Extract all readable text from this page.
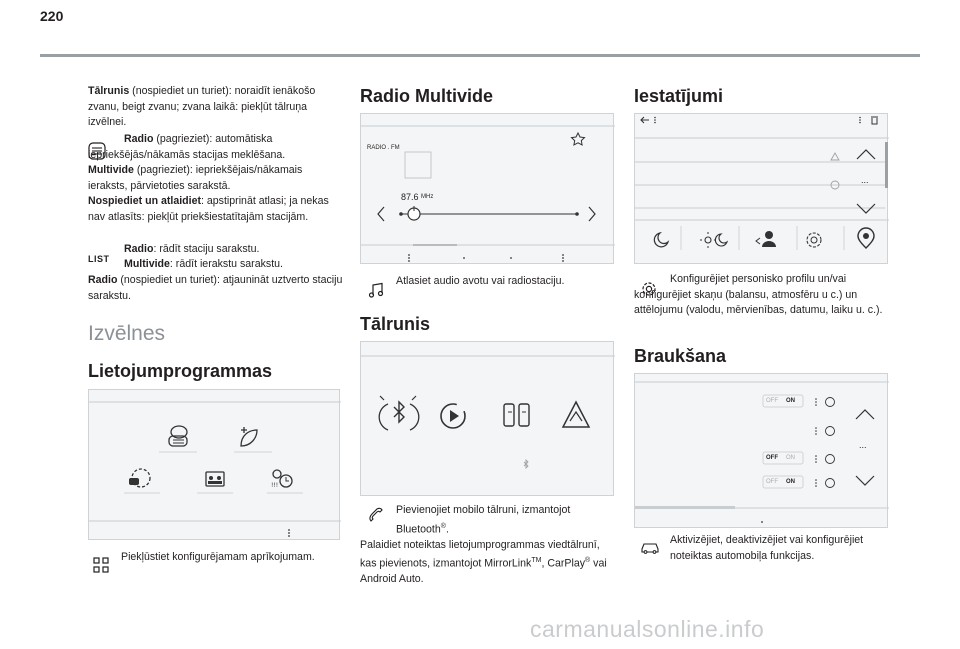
220
Tālrunis (nospiediet un turiet): noraidīt ienākošo zvanu, beigt zvanu; zvana laikā: piekļūt tālruņa izvēlnei.
Radio (pagrieziet): automātiska iepriekšējās/nākamās stacijas meklēšana.
Multivide (pagrieziet): iepriekšējais/nākamais ieraksts, pārvietoties sarakstā.
Nospiediet un atlaidiet: apstiprināt atlasi; ja nekas nav atlasīts: piekļūt priekšiestatītajām stacijām.
LIST
Radio: rādīt staciju sarakstu.
Multivide: rādīt ierakstu sarakstu.
Radio (nospiediet un turiet): atjaunināt uztverto staciju sarakstu.
Izvēlnes
Lietojumprogrammas
!!!
Piekļūstiet konfigurējamam aprīkojumam.
Radio Multivide
RADIO . FM
87.6 MHz
Atlasiet audio avotu vai radiostaciju.
Tālrunis
Pievienojiet mobilo tālruni, izmantojot Bluetooth®.
Palaidiet noteiktas lietojumprogrammas viedtālrunī, kas pievienots, izmantojot MirrorLink™, CarPlay® vai Android Auto.
Iestatījumi
...
Konfigurējiet personisko profilu un/vai konfigurējiet skaņu (balansu, atmosfēru u c.) un attēlojumu (valodu, mērvienības, datumu, laiku u. c.).
Braukšana
...
OFF ON
OFF ON
OFF ON
Aktivizējiet, deaktivizējiet vai konfigurējiet noteiktas automobiļa funkcijas.
carmanualsonline.info
